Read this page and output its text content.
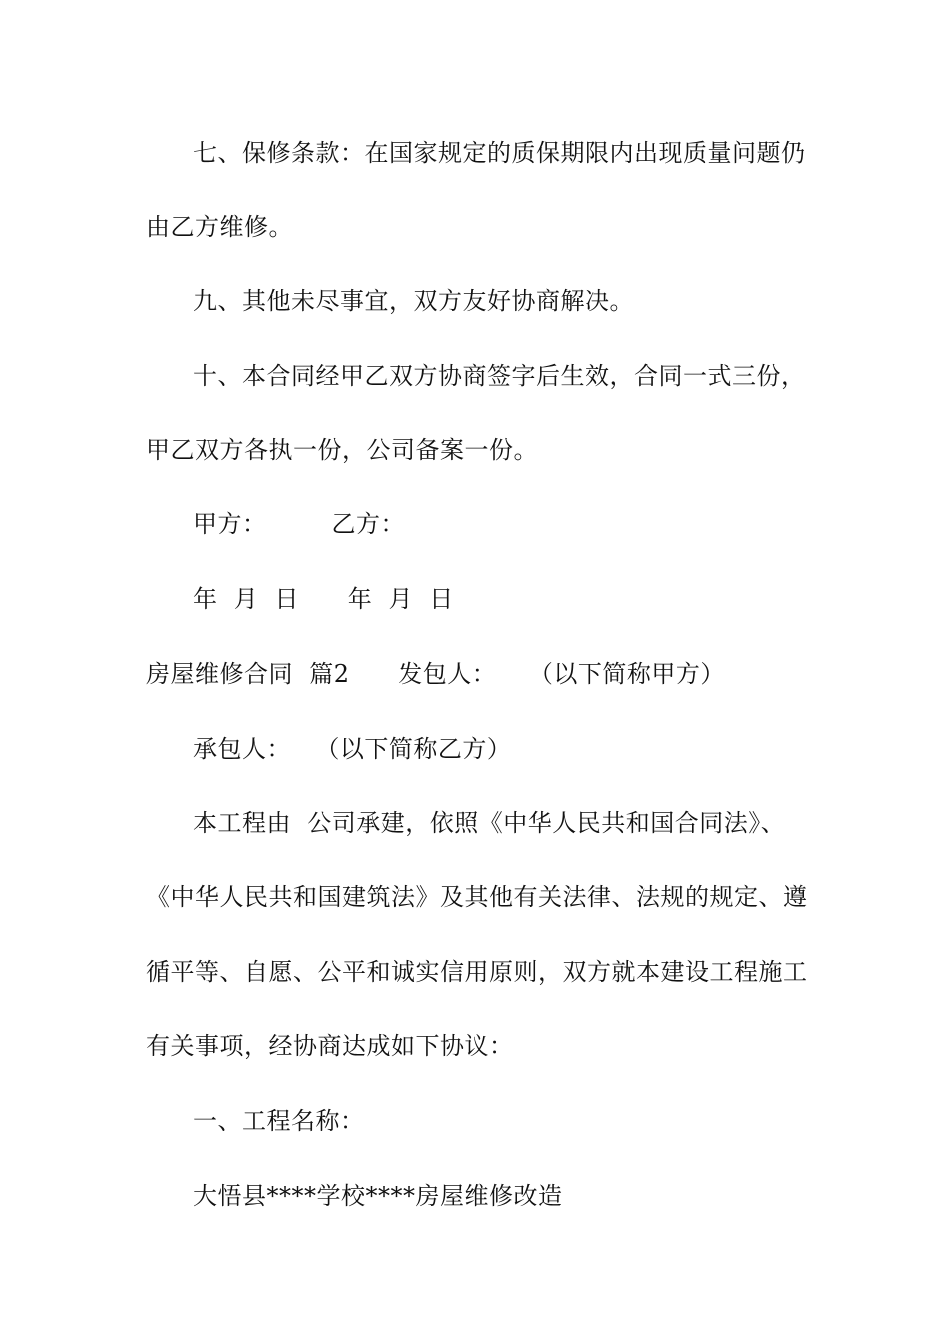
七、保修条款：在国家规定的质保期限内出现质量问题仍
由乙方维修。
九、其他未尽事宜，双方友好协商解决。
十、本合同经甲乙双方协商签字后生效，合同一式三份，
甲乙双方各执一份，公司备案一份。
甲方：        乙方：
年  月  日      年  月  日
房屋维修合同  篇2      发包人：    （以下简称甲方）
承包人：   （以下简称乙方）
本工程由  公司承建，依照《中华人民共和国合同法》、
《中华人民共和国建筑法》及其他有关法律、法规的规定、遵
循平等、自愿、公平和诚实信用原则，双方就本建设工程施工
有关事项，经协商达成如下协议：
一、工程名称：
大悟县****学校****房屋维修改造
